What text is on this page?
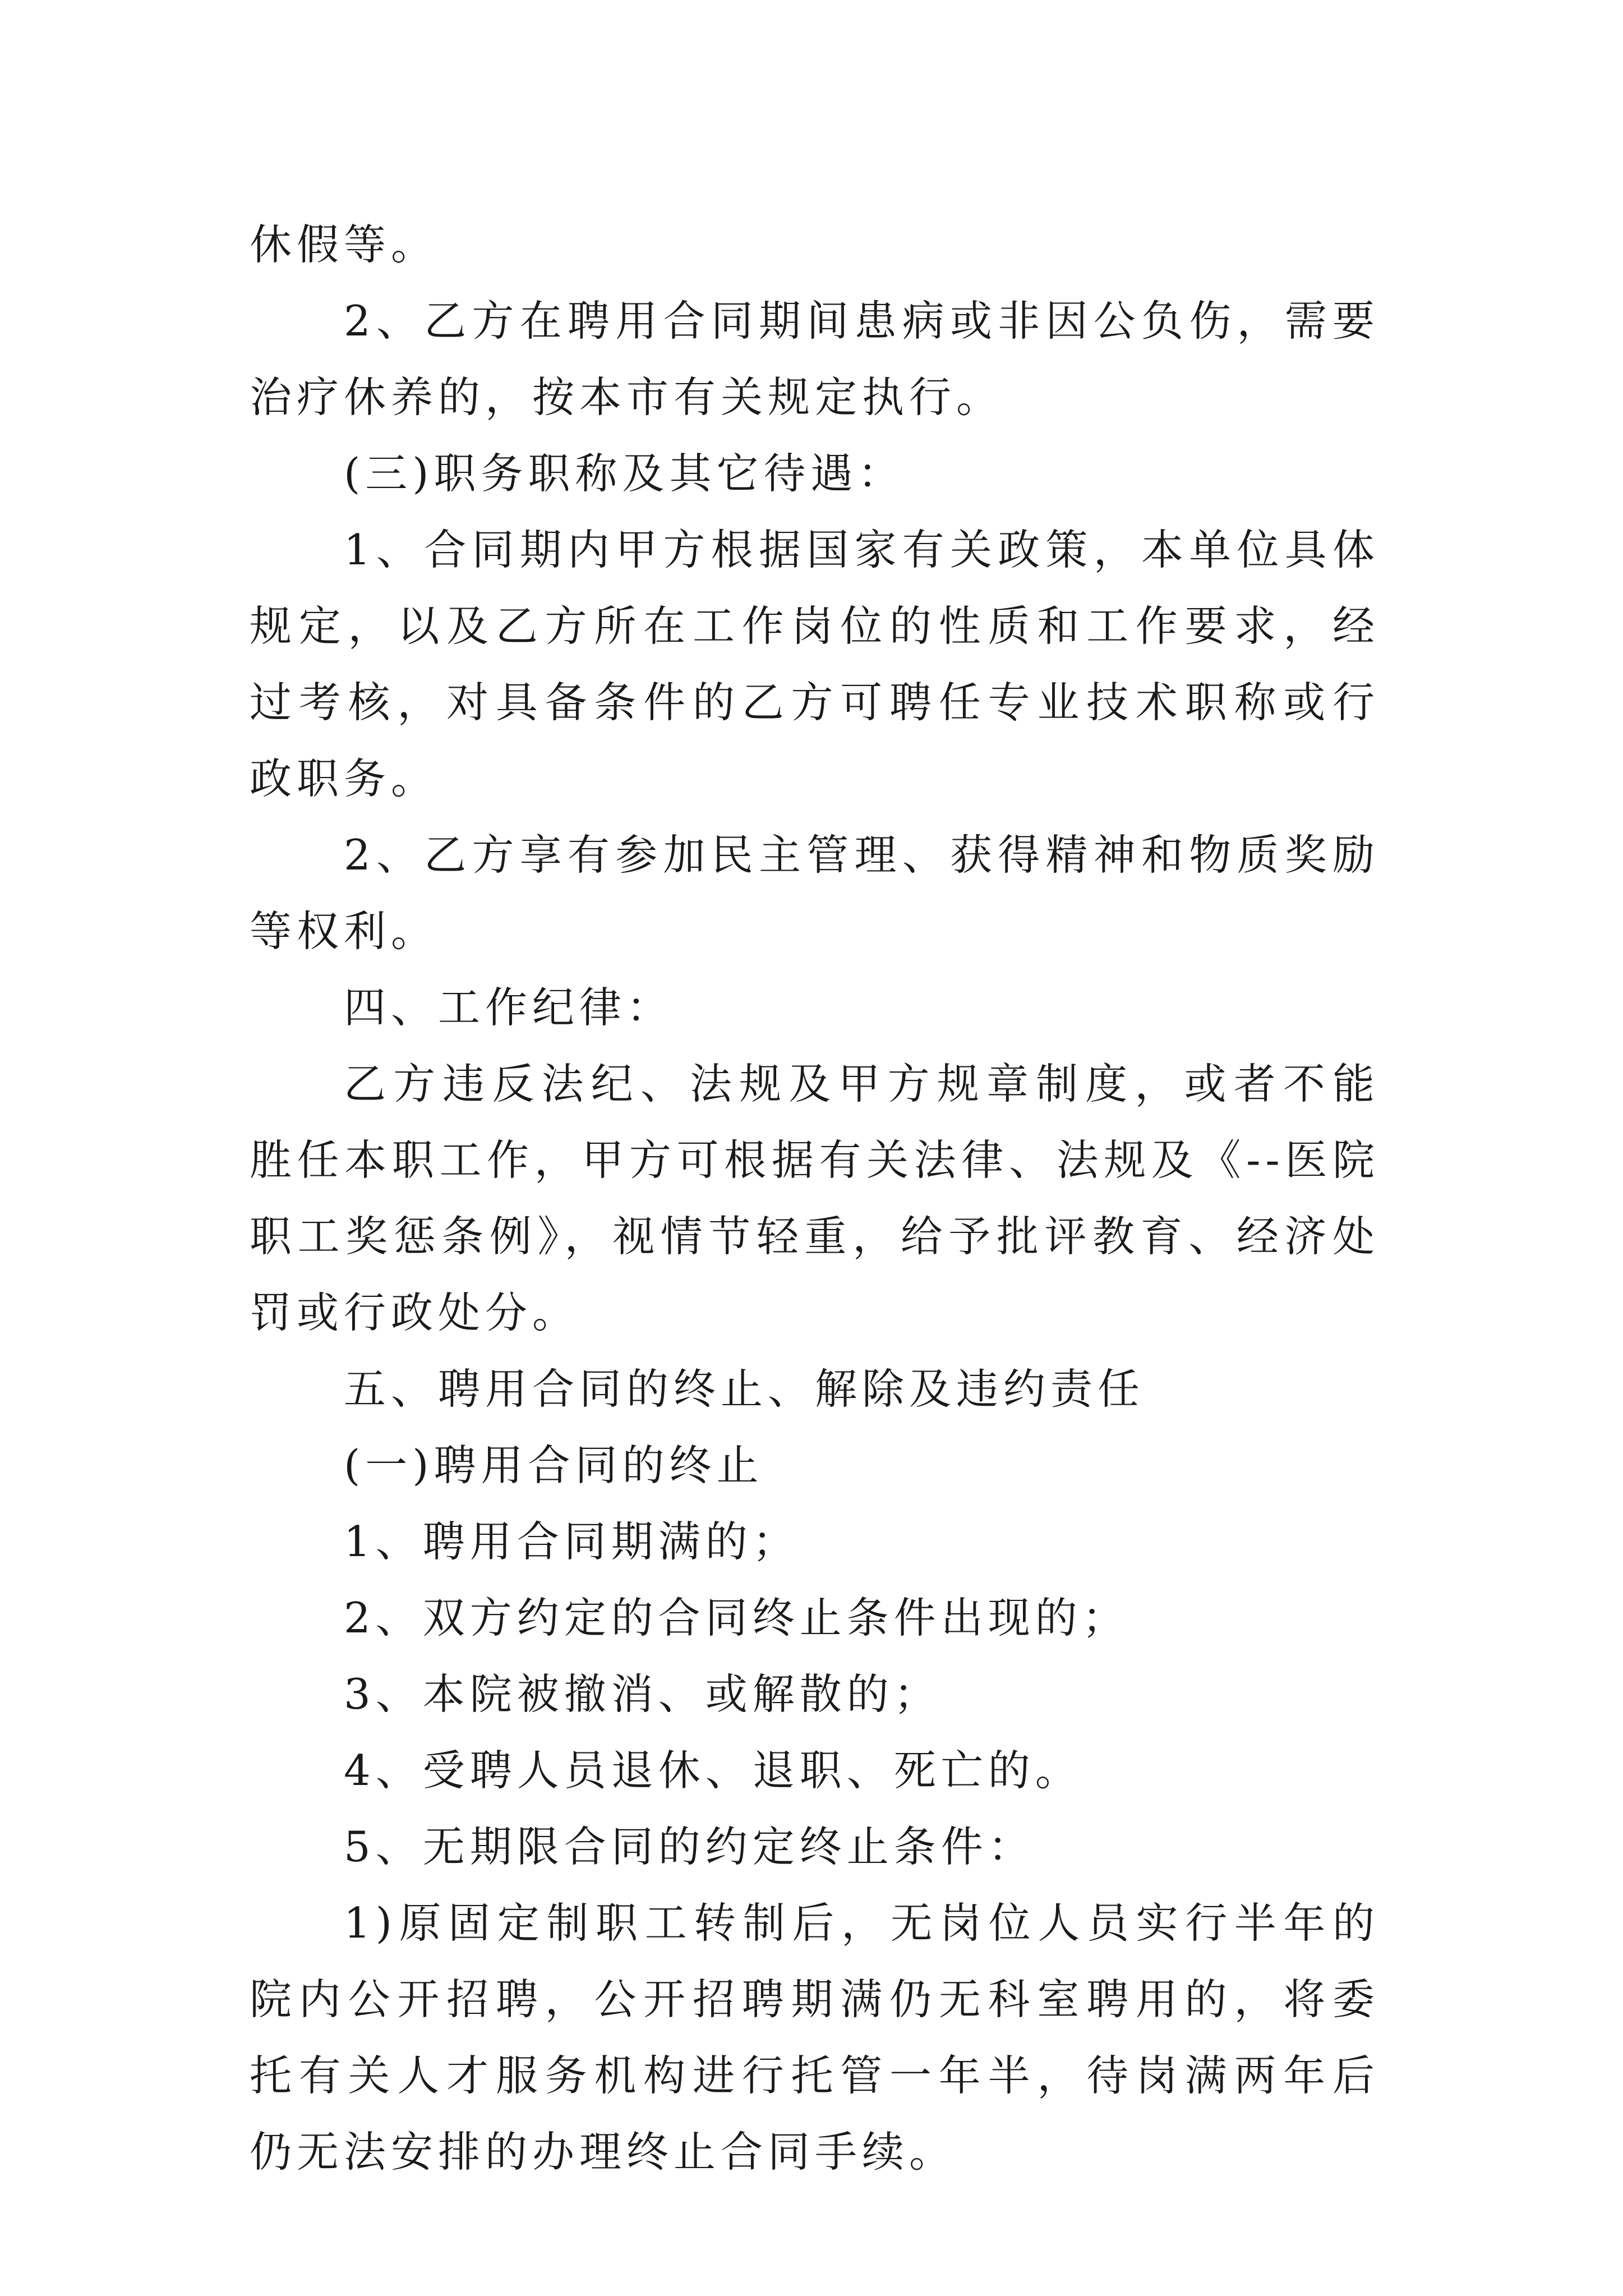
休假等。

2、乙方在聘用合同期间患病或非因公负伤，需要治疗休养的，按本市有关规定执行。

(三)职务职称及其它待遇：

1、合同期内甲方根据国家有关政策，本单位具体规定，以及乙方所在工作岗位的性质和工作要求，经过考核，对具备条件的乙方可聘任专业技术职称或行政职务。

2、乙方享有参加民主管理、获得精神和物质奖励等权利。

四、工作纪律：

乙方违反法纪、法规及甲方规章制度，或者不能胜任本职工作，甲方可根据有关法律、法规及《--医院职工奖惩条例》，视情节轻重，给予批评教育、经济处罚或行政处分。

五、聘用合同的终止、解除及违约责任

(一)聘用合同的终止

1、聘用合同期满的；

2、双方约定的合同终止条件出现的；

3、本院被撤消、或解散的；

4、受聘人员退休、退职、死亡的。

5、无期限合同的约定终止条件：

1)原固定制职工转制后，无岗位人员实行半年的院内公开招聘，公开招聘期满仍无科室聘用的，将委托有关人才服务机构进行托管一年半，待岗满两年后仍无法安排的办理终止合同手续。
